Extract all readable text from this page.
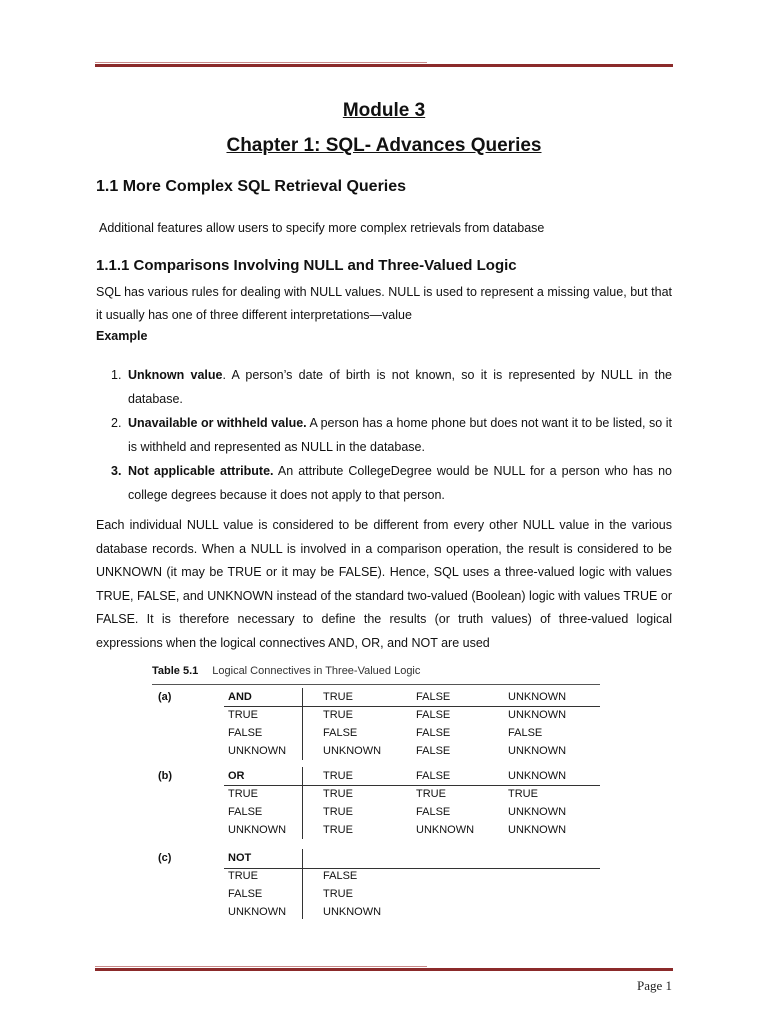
Module 3
Chapter 1: SQL- Advances Queries
1.1 More Complex SQL Retrieval Queries
Additional features allow users to specify more complex retrievals from database
1.1.1 Comparisons Involving NULL and Three-Valued Logic
SQL has various rules for dealing with NULL values. NULL is used to represent a missing value, but that it usually has one of three different interpretations—value
Example
1. Unknown value. A person’s date of birth is not known, so it is represented by NULL in the database.
2. Unavailable or withheld value. A person has a home phone but does not want it to be listed, so it is withheld and represented as NULL in the database.
3. Not applicable attribute. An attribute CollegeDegree would be NULL for a person who has no college degrees because it does not apply to that person.
Each individual NULL value is considered to be different from every other NULL value in the various database records. When a NULL is involved in a comparison operation, the result is considered to be UNKNOWN (it may be TRUE or it may be FALSE). Hence, SQL uses a three-valued logic with values TRUE, FALSE, and UNKNOWN instead of the standard two-valued (Boolean) logic with values TRUE or FALSE. It is therefore necessary to define the results (or truth values) of three-valued logical expressions when the logical connectives AND, OR, and NOT are used
Table 5.1 Logical Connectives in Three-Valued Logic
(a)	AND	TRUE	FALSE	UNKNOWN
TRUE	TRUE	FALSE	UNKNOWN
FALSE	FALSE	FALSE	FALSE
UNKNOWN	UNKNOWN	FALSE	UNKNOWN
(b)	OR	TRUE	FALSE	UNKNOWN
TRUE	TRUE	TRUE	TRUE
FALSE	TRUE	FALSE	UNKNOWN
UNKNOWN	TRUE	UNKNOWN	UNKNOWN
(c)	NOT
TRUE	FALSE
FALSE	TRUE
UNKNOWN	UNKNOWN
Page 1
